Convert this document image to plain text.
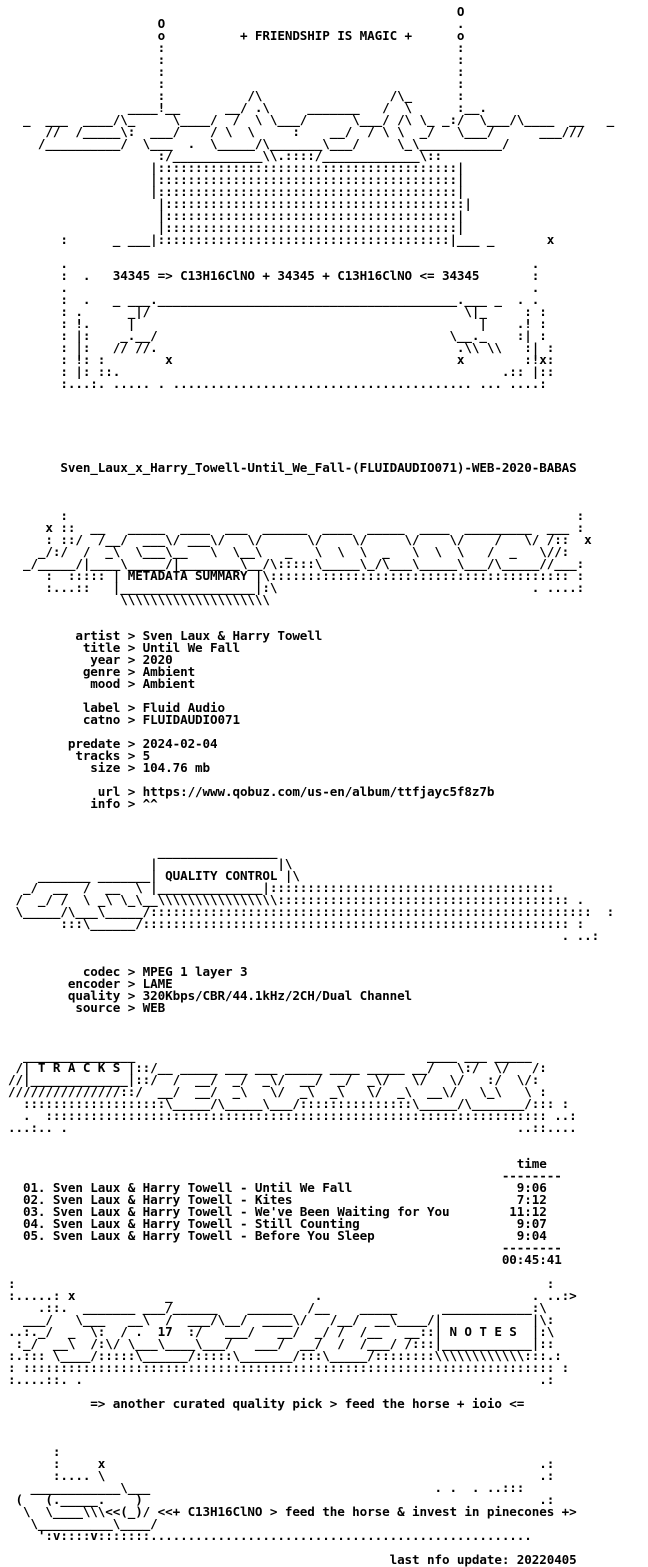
O
O                                       .
o          + FRIENDSHIP IS MAGIC +      o
:                                       :
:                                       :
:                                       :
:                                       :
:           /\                 /\_      :
____!__      __/ .\     _______   /  \      :__.
_  ___  ____/\_     \____/  /  \ \___/      \___/ /\ \_ _:/  \___/\____  __   _
//  /_____\:  ___/    / \  \     :    __/  / \ \  _/   \___/      ___///
/__________/  \___  .  \_____/\_______\___/     \_\___________/
:/____________\\.::::/_____________\::
|::::::::::::::::::::::::::::::::::::::::|
|::::::::::::::::::::::::::::::::::::::::|
|::::::::::::::::::::::::::::::::::::::::|
|::::::::::::::::::::::::::::::::::::::::|
|:::::::::::::::::::::::::::::::::::::::|
|:::::::::::::::::::::::::::::::::::::::|
:      _ ___|:::::::::::::::::::::::::::::::::::::::|___ _       x
.                                                              .
:  .   34345 => C13H16ClNO + 34345 + C13H16ClNO <= 34345       :
.                                                              .
:  .   _ ___.________________________________________.___ _  . .
: .      _|/                                          \|_     : :
: !.     |                                              |    .! :
: |:    _.__/                                       \__._    :| :
: |:   // //.                                        .\\ \\   :| :
: !: :        x                                      x        :!x:
: |: ::.                                                   .:: |::
:...:. ..... . ........................................ ... ....:
Sven_Laux_x_Harry_Towell-Until_We_Fall-(FLUIDAUDIO071)-WEB-2020-BABAS
:                                                                    :
x ::  __   _____  ____  ___  ______  ____  _____  ____  _________  ___ :
: ::/  /__/  ___\/ ___\/   \/      \/    \/     \/    \/    /   \/ /::  x
_/:/  /  _\  \___\__   \  \__\   _   \  \  \  _   \  \  \   /  _   \//:
_/_____/|____\_____/|________\__/\:::::\_____\_/\___\_____\___/\_____//___:
:  ::::: | METADATA SUMMARY |\:::::::::::::::::::::::::::::::::::::::: :
:...::   |__________________|:\                                  . ....:
\\\\\\\\\\\\\\\\\\\\
artist > Sven Laux & Harry Towell
title > Until We Fall
year > 2020
genre > Ambient
mood > Ambient
label > Fluid Audio
catno > FLUIDAUDIO071
predate > 2024-02-04
tracks > 5
size > 104.76 mb
url > https://www.qobuz.com/us-en/album/ttfjayc5f8z7b
info > ^^
________________
|                |\
_______ _______| QUALITY CONTROL |\
_/  __  /  __  \ |______________|::::::::::::::::::::::::::::::::::::::
/  _/ /  \ _\ \_\__\\\\\\\\\\\\\\\\::::::::::::::::::::::::::::::::::::::: .
\_____/\___\_____/:::::::::::::::::::::::::::::::::::::::::::::::::::::::::::  :
:::\______/::::::::::::::::::::::::::::::::::::::::::::::::::::::::: :
. ..:
codec > MPEG 1 layer 3
encoder > LAME
quality > 320Kbps/CBR/44.1kHz/2CH/Dual Channel
source > WEB
_______________                                       ____ ___ _____
/| T R A C K S |::/__ _____ ___ ___ _____ ____ _____ __/   \:/  \/   /:
//|_____________|::/  /  __/  _/  _\/  __/  _/  _\/   \/   \/   :/  \/:
///////////////::/  __/  __/  _\   \/  _\  _\   \/  _\  __\/   \_\   \ :
:::::::::::::::::::\_____/\_____\___/:::::::::::::::\_____/\_______/::: :
.  ::::::::::::::::::::::::::::::::::::::::::::::::::::::::::::::::::: ..:
...:.. .                                                            ..::....
time
--------
01. Sven Laux & Harry Towell - Until We Fall                      9:06
02. Sven Laux & Harry Towell - Kites                              7:12
03. Sven Laux & Harry Towell - We've Been Waiting for You        11:12
04. Sven Laux & Harry Towell - Still Counting                     9:07
05. Sven Laux & Harry Towell - Before You Sleep                   9:04
--------
00:45:41
:                                                                       :
:.....: x            _                   .                            . ..:>
.::.  _______ ___/______    ______  /__    _____      ____________:\
___/   \___   __\  /  ___/\__/  ____\/   /__/  __\____/|            |\:
..:._/  _  \:  / .  17  :/   ___/   __/  _/ /  /__   __::| N O T E S  |:\
:_/  __\  /:\/ \___\____\___/   ___/  __/  /  /___/ /:::|____________|::
:.::: \____/:::::\______/:::::\_______/:::\_____/::::::::\\\\\\\\\\\\:::.:
: ::::::::::::::::::::::::::::::::::::::::::::::::::::::::::::::::::::::: :
:....::. .                                                             .:
=> another curated quality pick > feed the horse + ioio <=
:
:     x                                                          .:
:.... \                                                          .:
____________\___                                      . .  . ..:::
(   (._____.    )                                                     .:
\  \____\\\<<(_)/ <<+ C13H16ClNO > feed the horse & invest in pinecones +>
\__________\____/
':v::::v:::::::...................................................
last nfo update: 20220405
